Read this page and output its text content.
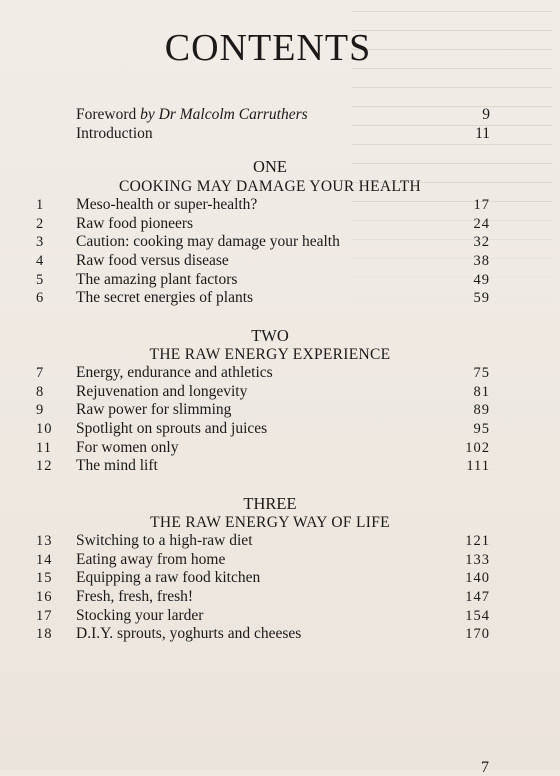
CONTENTS
Foreword by Dr Malcolm Carruthers	9
Introduction	11
ONE
COOKING MAY DAMAGE YOUR HEALTH
1	Meso-health or super-health?	17
2	Raw food pioneers	24
3	Caution: cooking may damage your health	32
4	Raw food versus disease	38
5	The amazing plant factors	49
6	The secret energies of plants	59
TWO
THE RAW ENERGY EXPERIENCE
7	Energy, endurance and athletics	75
8	Rejuvenation and longevity	81
9	Raw power for slimming	89
10	Spotlight on sprouts and juices	95
11	For women only	102
12	The mind lift	111
THREE
THE RAW ENERGY WAY OF LIFE
13	Switching to a high-raw diet	121
14	Eating away from home	133
15	Equipping a raw food kitchen	140
16	Fresh, fresh, fresh!	147
17	Stocking your larder	154
18	D.I.Y. sprouts, yoghurts and cheeses	170
7
